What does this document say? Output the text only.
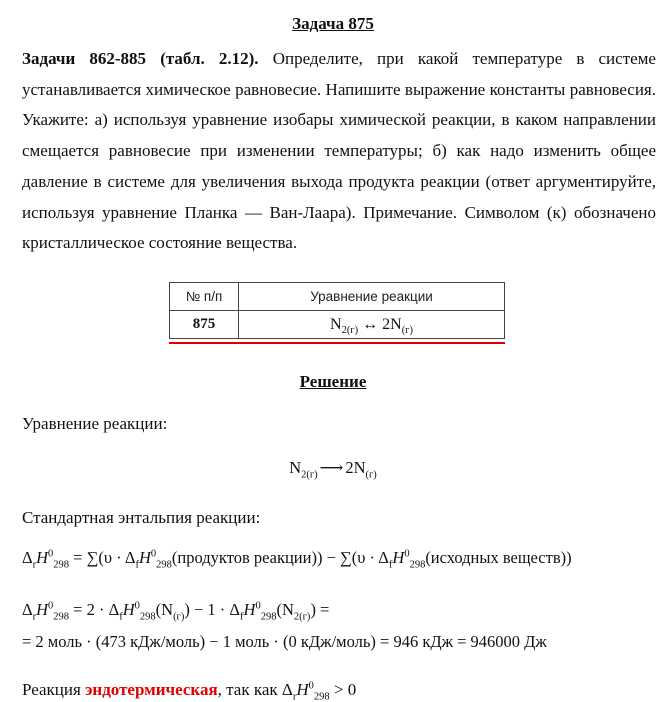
Задача 875

Задачи 862-885 (табл. 2.12). Определите, при какой температуре в системе устанавливается химическое равновесие. Напишите выражение константы равновесия. Укажите: а) используя уравнение изобары химической реакции, в каком направлении смещается равновесие при изменении температуры; б) как надо изменить общее давление в системе для увеличения выхода продукта реакции (ответ аргументируйте, используя уравнение Планка — Ван-Лаара). Примечание. Символом (к) обозначено кристаллическое состояние вещества.

№ п/п	Уравнение реакции
875	$N_{2(г)}$ ↔ $2N_{(г)}$
Решение
Уравнение реакции:
$N_{2(г)}$ ⟶ $2N_{(г)}$
Стандартная энтальпия реакции:
$\Delta_rH^0_{298} = \sum(\upsilon$ · $\Delta_fH^0_{298}(продуктов$ реакции)) − $\sum(\upsilon \cdot \Delta_fH^0_{298}(исходных$ веществ))
$\Delta_rH^0_{298} = 2 \cdot \Delta_fH^0_{298}(N_{(г)}) - 1 \cdot \Delta_fH^0_{298}(N_{2(г)})$ =
= 2 моль · (473 кДж/моль) − 1 моль · (0 кДж/моль) = 946 кДж = 946000 Дж
Реакция эндотермическая, так как $\Delta_rH^0_{298} > 0$
